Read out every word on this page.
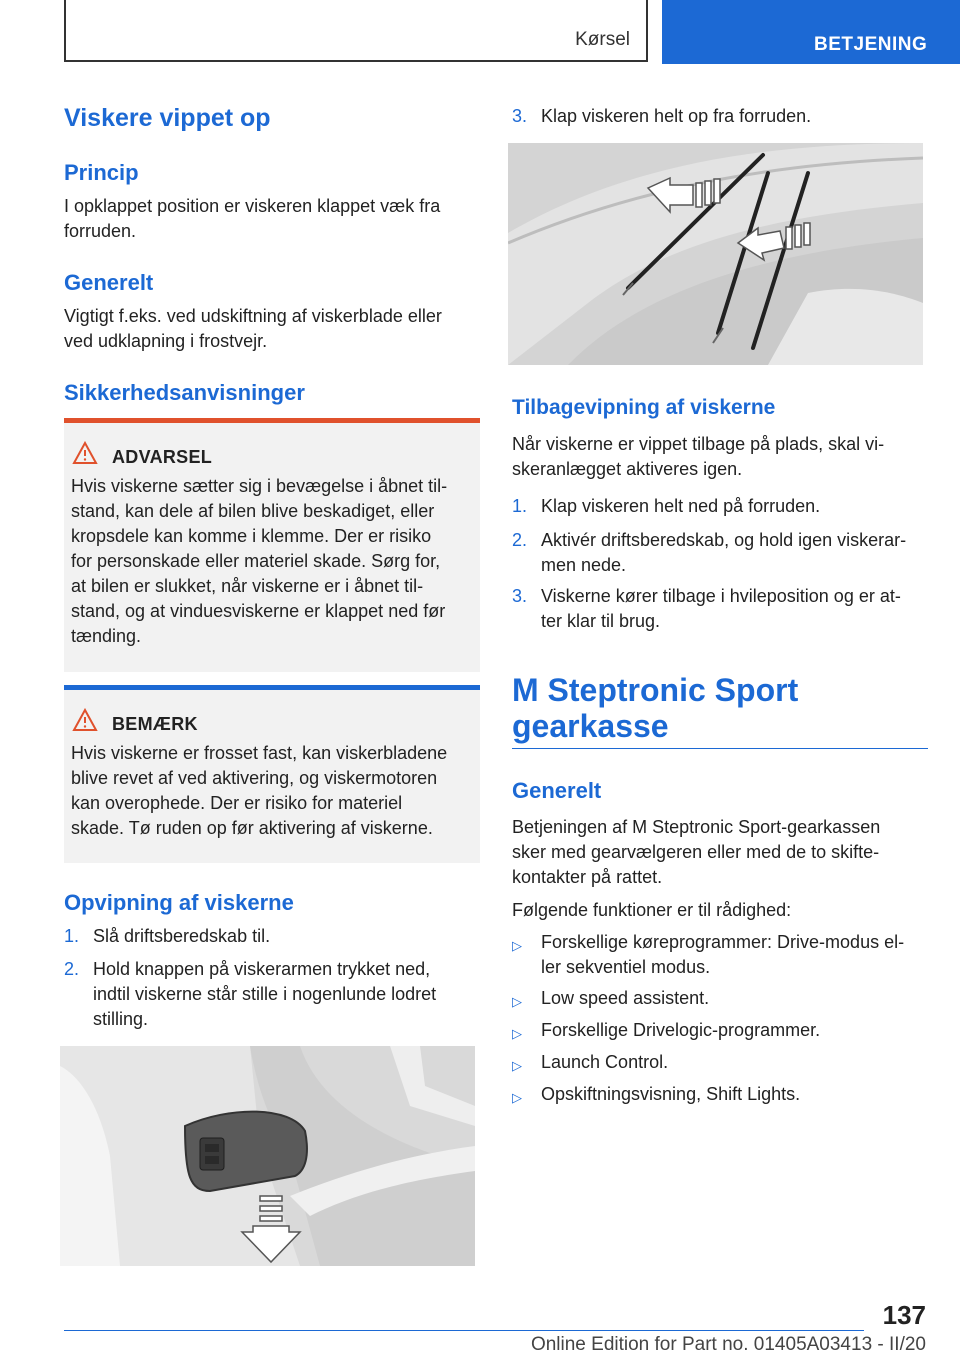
Kørsel	BETJENING
Viskere vippet op
Princip
I opklappet position er viskeren klappet væk fra
forruden.
Generelt
Vigtigt f.eks. ved udskiftning af viskerblade eller
ved udklapning i frostvejr.
Sikkerhedsanvisninger
ADVARSEL
Hvis viskerne sætter sig i bevægelse i åbnet til‐
stand, kan dele af bilen blive beskadiget, eller
kropsdele kan komme i klemme. Der er risiko
for personskade eller materiel skade. Sørg for,
at bilen er slukket, når viskerne er i åbnet til‐
stand, og at vinduesviskerne er klappet ned før
tænding.
BEMÆRK
Hvis viskerne er frosset fast, kan viskerbladene
blive revet af ved aktivering, og viskermotoren
kan overophede. Der er risiko for materiel
skade. Tø ruden op før aktivering af viskerne.
Opvipning af viskerne
1. Slå driftsberedskab til.
2. Hold knappen på viskerarmen trykket ned,
indtil viskerne står stille i nogenlunde lodret
stilling.
3. Klap viskeren helt op fra forruden.
Tilbagevipning af viskerne
Når viskerne er vippet tilbage på plads, skal vi‐
skeranlægget aktiveres igen.
1. Klap viskeren helt ned på forruden.
2. Aktivér driftsberedskab, og hold igen viskerar‐
men nede.
3. Viskerne kører tilbage i hvileposition og er at‐
ter klar til brug.
M Steptronic Sport
gearkasse
Generelt
Betjeningen af M Steptronic Sport-gearkassen
sker med gearvælgeren eller med de to skifte‐
kontakter på rattet.
Følgende funktioner er til rådighed:
▷ Forskellige køreprogrammer: Drive-modus el‐
ler sekventiel modus.
▷ Low speed assistent.
▷ Forskellige Drivelogic-programmer.
▷ Launch Control.
▷ Opskiftningsvisning, Shift Lights.
137
Online Edition for Part no. 01405A03413 - II/20
